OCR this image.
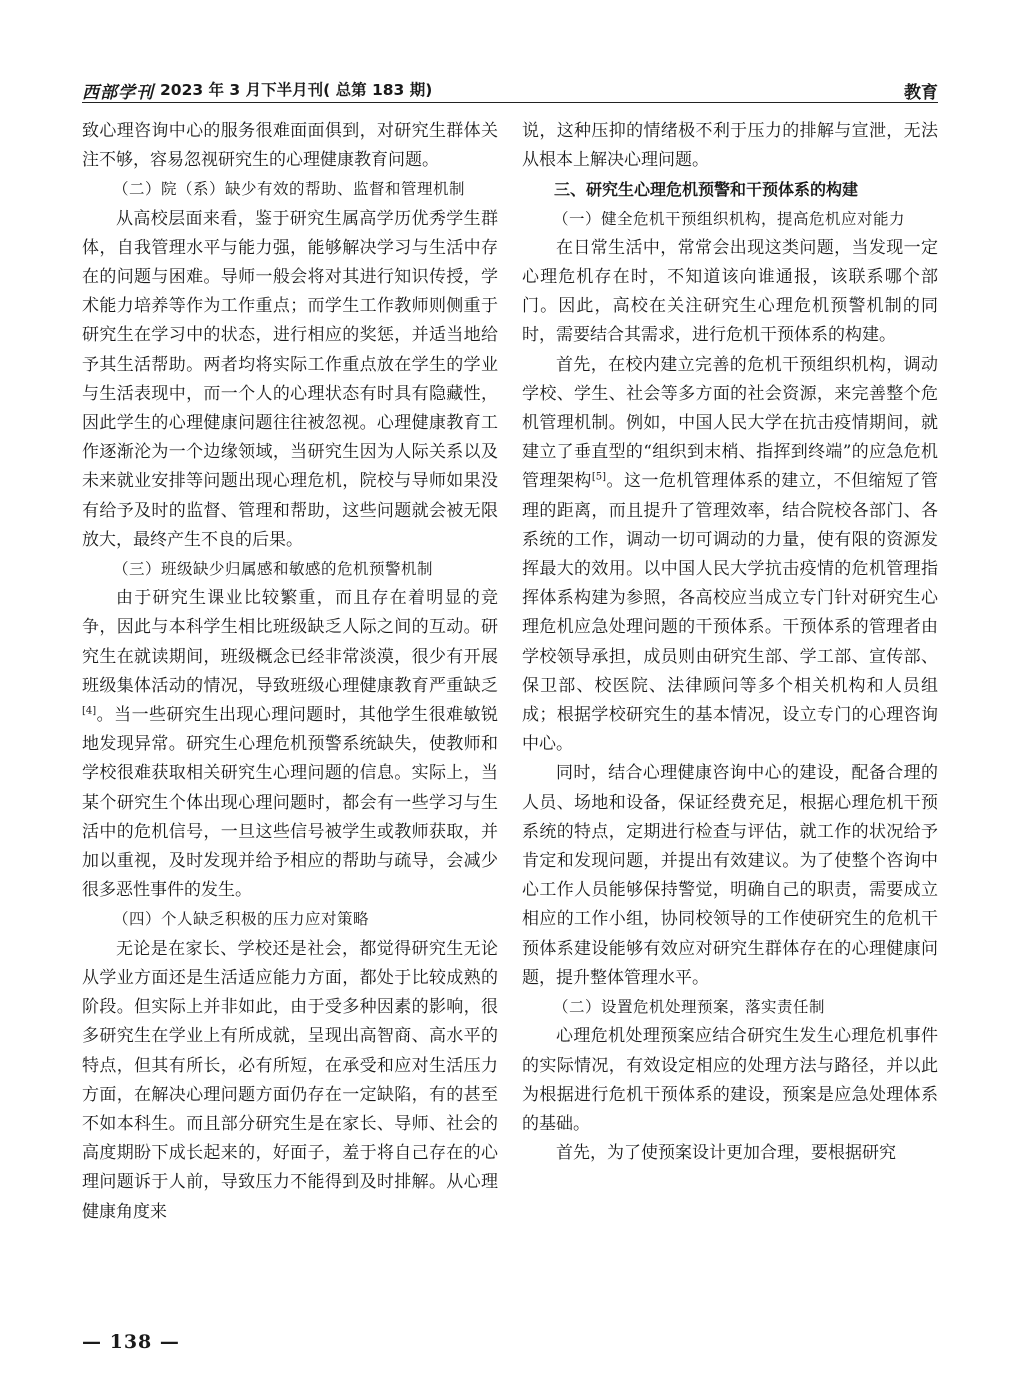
西部学刊 2023 年 3 月下半月刊( 总第 183 期)	教育

致心理咨询中心的服务很难面面俱到，对研究生群体关注不够，容易忽视研究生的心理健康教育问题。

（二）院（系）缺少有效的帮助、监督和管理机制

从高校层面来看，鉴于研究生属高学历优秀学生群体，自我管理水平与能力强，能够解决学习与生活中存在的问题与困难。导师一般会将对其进行知识传授，学术能力培养等作为工作重点；而学生工作教师则侧重于研究生在学习中的状态，进行相应的奖惩，并适当地给予其生活帮助。两者均将实际工作重点放在学生的学业与生活表现中，而一个人的心理状态有时具有隐藏性，因此学生的心理健康问题往往被忽视。心理健康教育工作逐渐沦为一个边缘领域，当研究生因为人际关系以及未来就业安排等问题出现心理危机，院校与导师如果没有给予及时的监督、管理和帮助，这些问题就会被无限放大，最终产生不良的后果。

（三）班级缺少归属感和敏感的危机预警机制

由于研究生课业比较繁重，而且存在着明显的竞争，因此与本科学生相比班级缺乏人际之间的互动。研究生在就读期间，班级概念已经非常淡漠，很少有开展班级集体活动的情况，导致班级心理健康教育严重缺乏[4]。当一些研究生出现心理问题时，其他学生很难敏锐地发现异常。研究生心理危机预警系统缺失，使教师和学校很难获取相关研究生心理问题的信息。实际上，当某个研究生个体出现心理问题时，都会有一些学习与生活中的危机信号，一旦这些信号被学生或教师获取，并加以重视，及时发现并给予相应的帮助与疏导，会减少很多恶性事件的发生。

（四）个人缺乏积极的压力应对策略

无论是在家长、学校还是社会，都觉得研究生无论从学业方面还是生活适应能力方面，都处于比较成熟的阶段。但实际上并非如此，由于受多种因素的影响，很多研究生在学业上有所成就，呈现出高智商、高水平的特点，但其有所长，必有所短，在承受和应对生活压力方面，在解决心理问题方面仍存在一定缺陷，有的甚至不如本科生。而且部分研究生是在家长、导师、社会的高度期盼下成长起来的，好面子，羞于将自己存在的心理问题诉于人前，导致压力不能得到及时排解。从心理健康角度来

说，这种压抑的情绪极不利于压力的排解与宣泄，无法从根本上解决心理问题。

三、研究生心理危机预警和干预体系的构建
（一）健全危机干预组织机构，提高危机应对能力

在日常生活中，常常会出现这类问题，当发现一定心理危机存在时，不知道该向谁通报，该联系哪个部门。因此，高校在关注研究生心理危机预警机制的同时，需要结合其需求，进行危机干预体系的构建。

首先，在校内建立完善的危机干预组织机构，调动学校、学生、社会等多方面的社会资源，来完善整个危机管理机制。例如，中国人民大学在抗击疫情期间，就建立了垂直型的“组织到末梢、指挥到终端”的应急危机管理架构[5]。这一危机管理体系的建立，不但缩短了管理的距离，而且提升了管理效率，结合院校各部门、各系统的工作，调动一切可调动的力量，使有限的资源发挥最大的效用。以中国人民大学抗击疫情的危机管理指挥体系构建为参照，各高校应当成立专门针对研究生心理危机应急处理问题的干预体系。干预体系的管理者由学校领导承担，成员则由研究生部、学工部、宣传部、保卫部、校医院、法律顾问等多个相关机构和人员组成；根据学校研究生的基本情况，设立专门的心理咨询中心。

同时，结合心理健康咨询中心的建设，配备合理的人员、场地和设备，保证经费充足，根据心理危机干预系统的特点，定期进行检查与评估，就工作的状况给予肯定和发现问题，并提出有效建议。为了使整个咨询中心工作人员能够保持警觉，明确自己的职责，需要成立相应的工作小组，协同校领导的工作使研究生的危机干预体系建设能够有效应对研究生群体存在的心理健康问题，提升整体管理水平。

（二）设置危机处理预案，落实责任制

心理危机处理预案应结合研究生发生心理危机事件的实际情况，有效设定相应的处理方法与路径，并以此为根据进行危机干预体系的建设，预案是应急处理体系的基础。

首先，为了使预案设计更加合理，要根据研究

— 138 —
